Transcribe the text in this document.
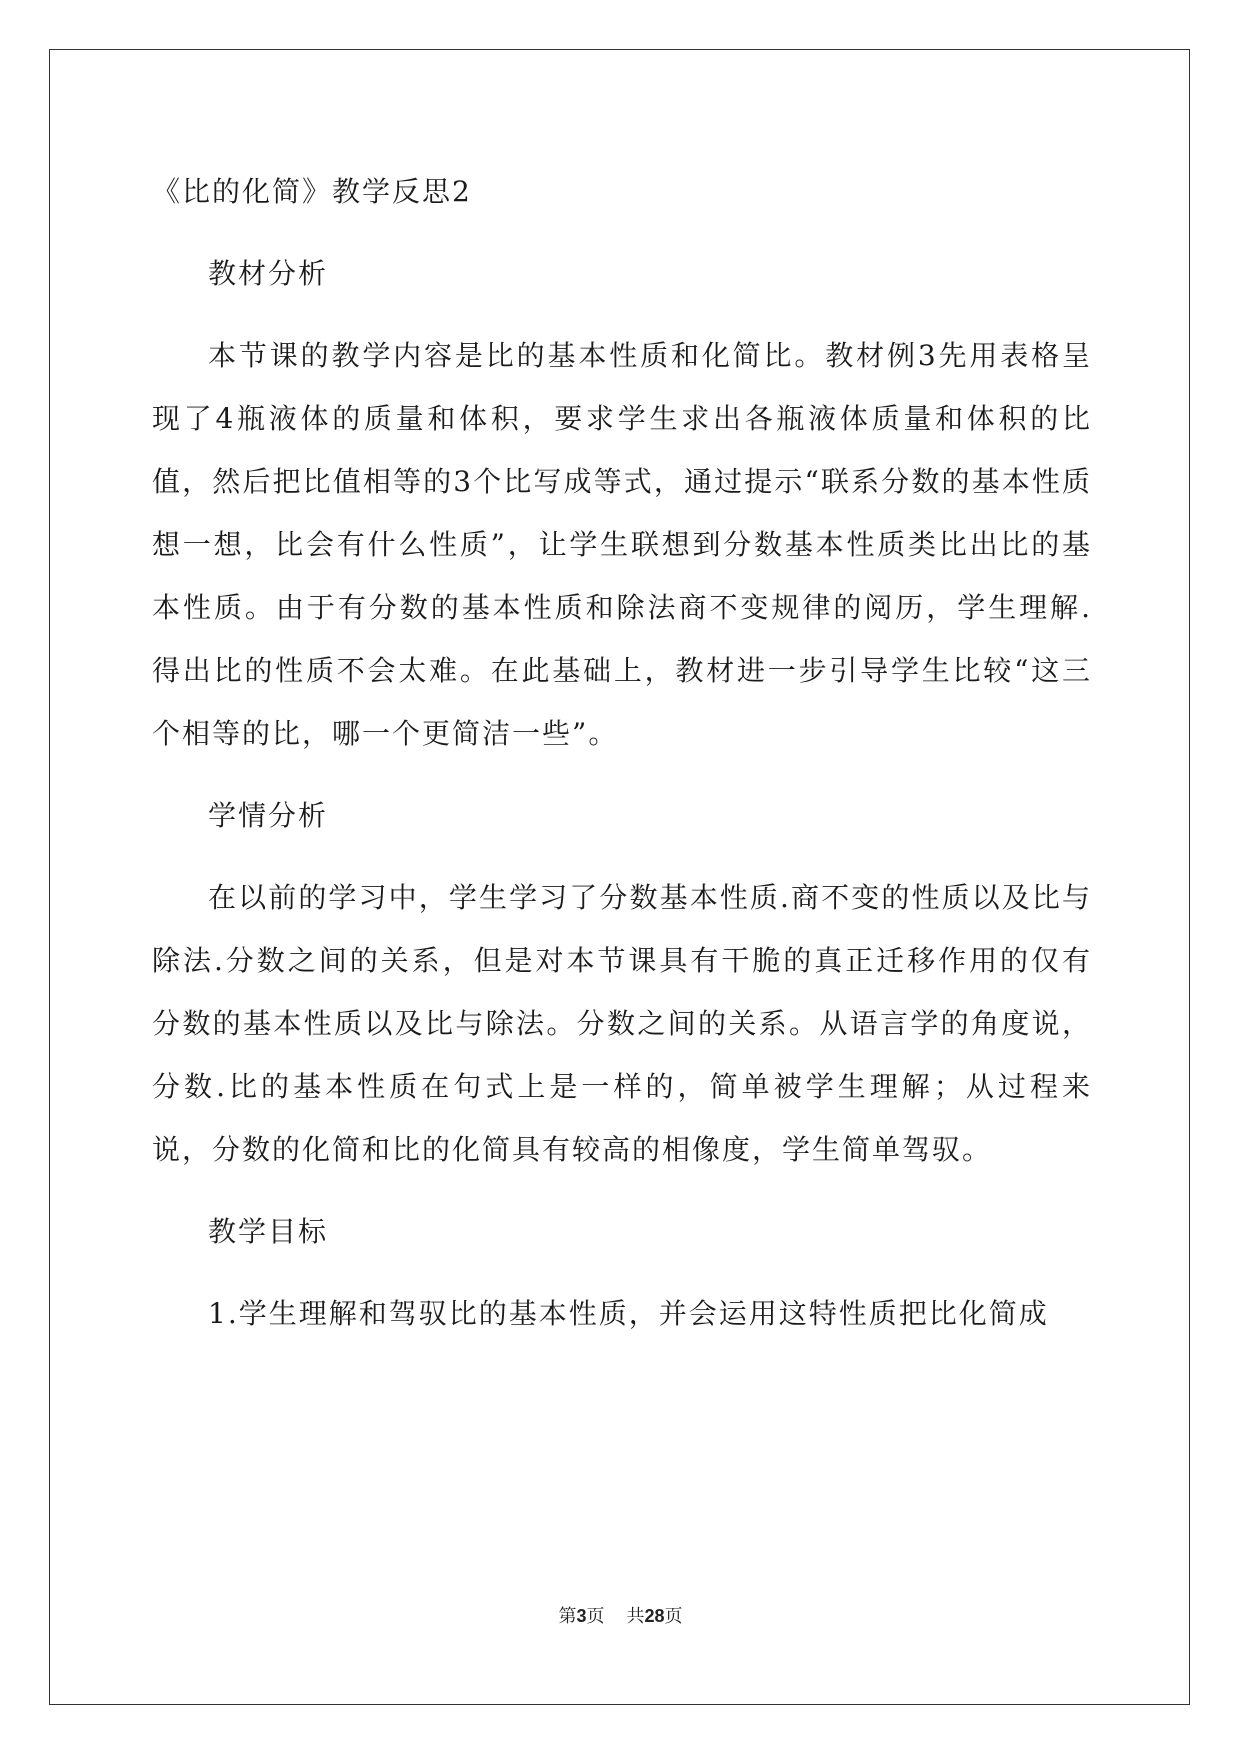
《比的化简》教学反思2

教材分析

本节课的教学内容是比的基本性质和化简比。教材例3先用表格呈现了4瓶液体的质量和体积，要求学生求出各瓶液体质量和体积的比值，然后把比值相等的3个比写成等式，通过提示“联系分数的基本性质想一想，比会有什么性质”，让学生联想到分数基本性质类比出比的基本性质。由于有分数的基本性质和除法商不变规律的阅历，学生理解.得出比的性质不会太难。在此基础上，教材进一步引导学生比较“这三个相等的比，哪一个更简洁一些”。

学情分析

在以前的学习中，学生学习了分数基本性质.商不变的性质以及比与除法.分数之间的关系，但是对本节课具有干脆的真正迁移作用的仅有分数的基本性质以及比与除法。分数之间的关系。从语言学的角度说，分数.比的基本性质在句式上是一样的，简单被学生理解；从过程来说，分数的化简和比的化简具有较高的相像度，学生简单驾驭。

教学目标

1.学生理解和驾驭比的基本性质，并会运用这特性质把比化简成

第3页 共28页
